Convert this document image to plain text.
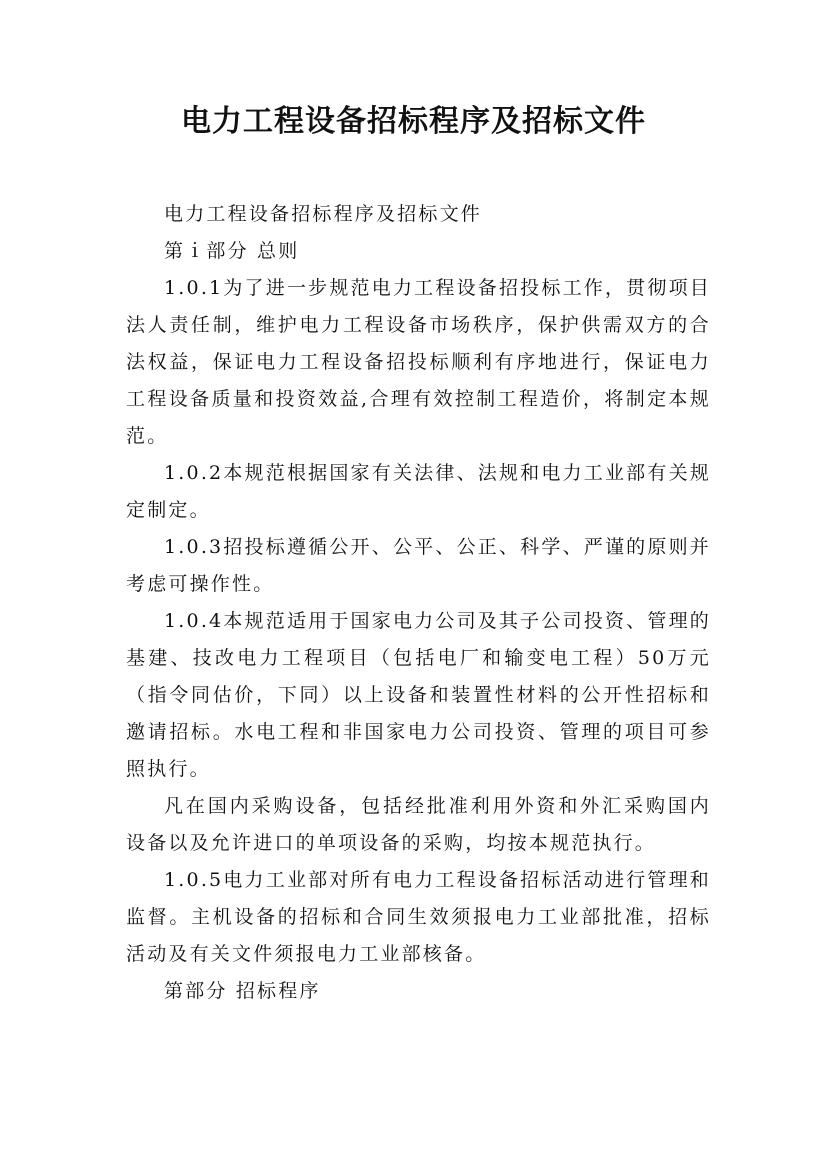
电力工程设备招标程序及招标文件

电力工程设备招标程序及招标文件

第ｉ部分 总则

1.0.1为了进一步规范电力工程设备招投标工作，贯彻项目法人责任制，维护电力工程设备市场秩序，保护供需双方的合法权益，保证电力工程设备招投标顺利有序地进行，保证电力工程设备质量和投资效益,合理有效控制工程造价，将制定本规范。

1.0.2本规范根据国家有关法律、法规和电力工业部有关规定制定。

1.0.3招投标遵循公开、公平、公正、科学、严谨的原则并考虑可操作性。

1.0.4本规范适用于国家电力公司及其子公司投资、管理的基建、技改电力工程项目（包括电厂和输变电工程）50万元（指令同估价，下同）以上设备和装置性材料的公开性招标和邀请招标。水电工程和非国家电力公司投资、管理的项目可参照执行。

凡在国内采购设备，包括经批准利用外资和外汇采购国内设备以及允许进口的单项设备的采购，均按本规范执行。

1.0.5电力工业部对所有电力工程设备招标活动进行管理和监督。主机设备的招标和合同生效须报电力工业部批准，招标活动及有关文件须报电力工业部核备。

第部分 招标程序
